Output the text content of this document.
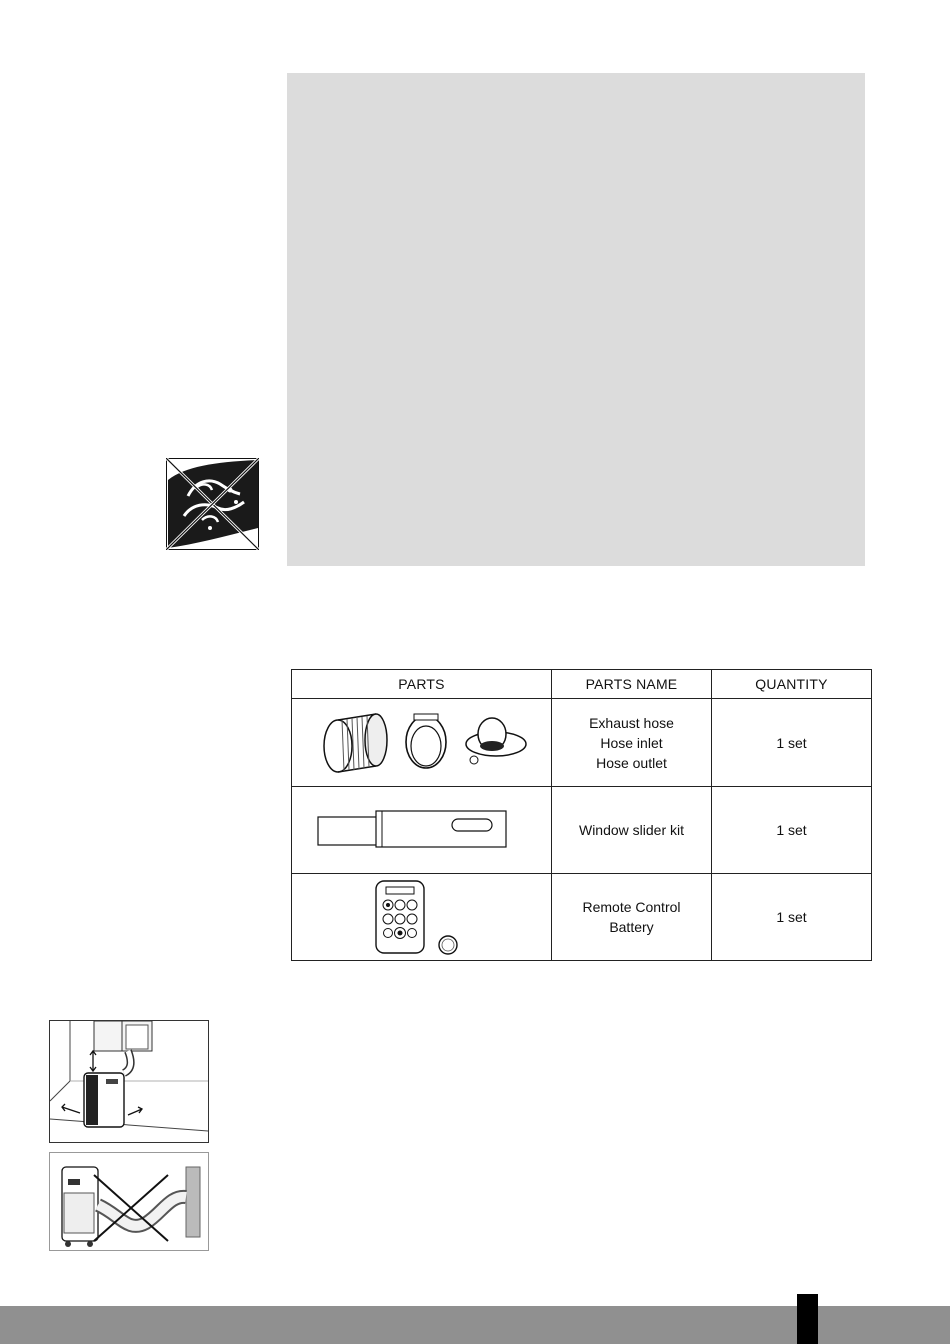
PARTS	PARTS NAME	QUANTITY

Exhaust hose
Hose inlet
Hose outlet	1 set

Window slider kit	1 set

Remote Control
Battery	1 set
